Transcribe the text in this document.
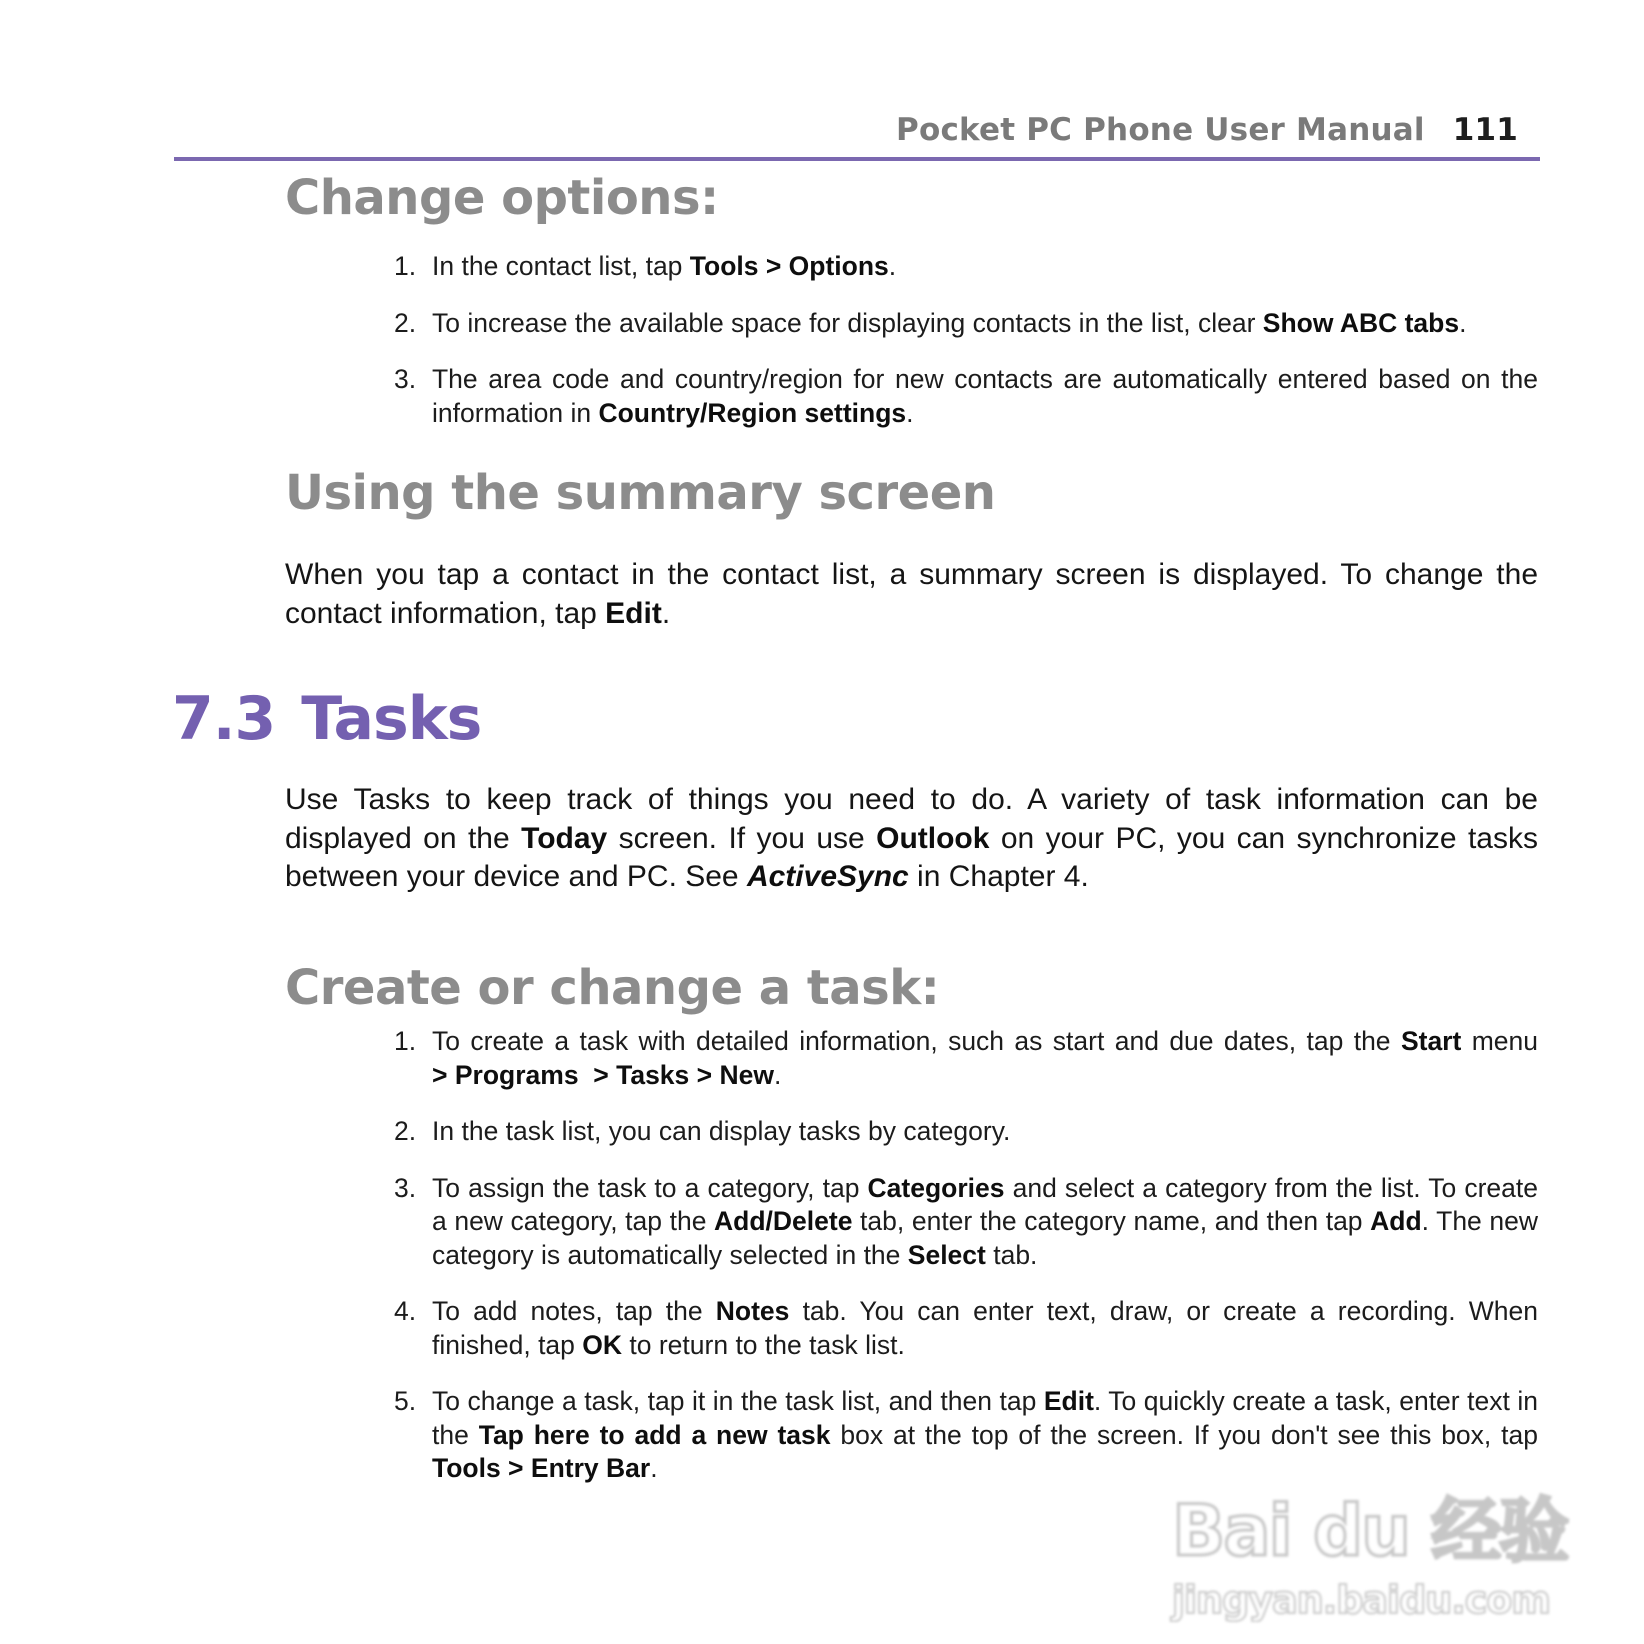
Pocket PC Phone User Manual 111
Change options:
1. In the contact list, tap Tools > Options.
2. To increase the available space for displaying contacts in the list, clear Show ABC tabs.
3. The area code and country/region for new contacts are automatically entered based on the information in Country/Region settings.
Using the summary screen

When you tap a contact in the contact list, a summary screen is displayed. To change the contact information, tap Edit.

7.3 Tasks

Use Tasks to keep track of things you need to do. A variety of task information can be displayed on the Today screen. If you use Outlook on your PC, you can synchronize tasks between your device and PC. See ActiveSync in Chapter 4.

Create or change a task:
1. To create a task with detailed information, such as start and due dates, tap the Start menu > Programs  > Tasks > New.
2. In the task list, you can display tasks by category.
3. To assign the task to a category, tap Categories and select a category from the list. To create a new category, tap the Add/Delete tab, enter the category name, and then tap Add. The new category is automatically selected in the Select tab.
4. To add notes, tap the Notes tab. You can enter text, draw, or create a recording. When finished, tap OK to return to the task list.
5. To change a task, tap it in the task list, and then tap Edit. To quickly create a task, enter text in the Tap here to add a new task box at the top of the screen. If you don't see this box, tap Tools > Entry Bar.
Bai du 经验
jingyan.baidu.com
